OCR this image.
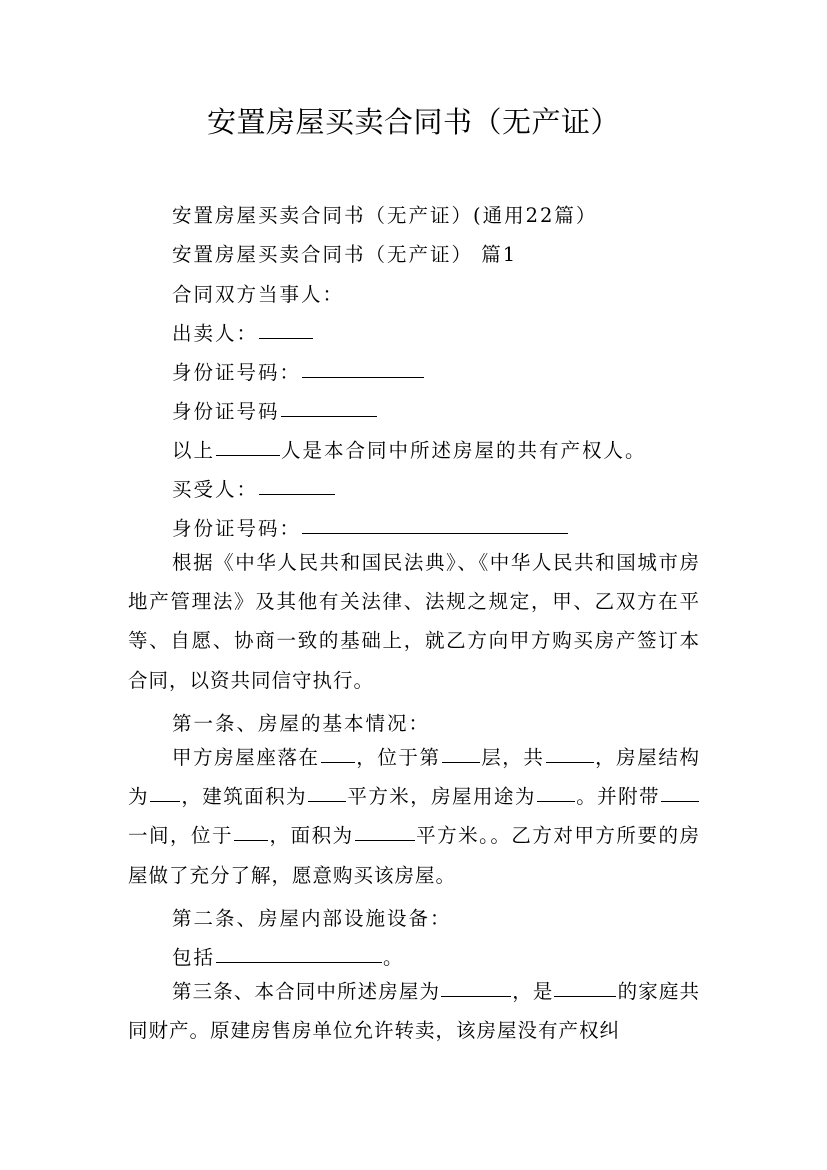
安置房屋买卖合同书（无产证）
安置房屋买卖合同书（无产证）(通用22篇）
安置房屋买卖合同书（无产证） 篇1
合同双方当事人：
出卖人：
身份证号码：
身份证号码
以上	人是本合同中所述房屋的共有产权人。
买受人：
身份证号码：
根据《中华人民共和国民法典》、《中华人民共和国城市房地产管理法》及其他有关法律、法规之规定，甲、乙双方在平等、自愿、协商一致的基础上，就乙方向甲方购买房产签订本合同，以资共同信守执行。
第一条、房屋的基本情况：
甲方房屋座落在 ，位于第 层，共	，房屋结构为 ，建筑面积为 平方米，房屋用途为 。并附带一间，位于 ，面积为	平方米。。乙方对甲方所要的房屋做了充分了解，愿意购买该房屋。
第二条、房屋内部设施设备：
包括	。
第三条、本合同中所述房屋为	，是	的家庭共同财产。原建房售房单位允许转卖，该房屋没有产权纠
